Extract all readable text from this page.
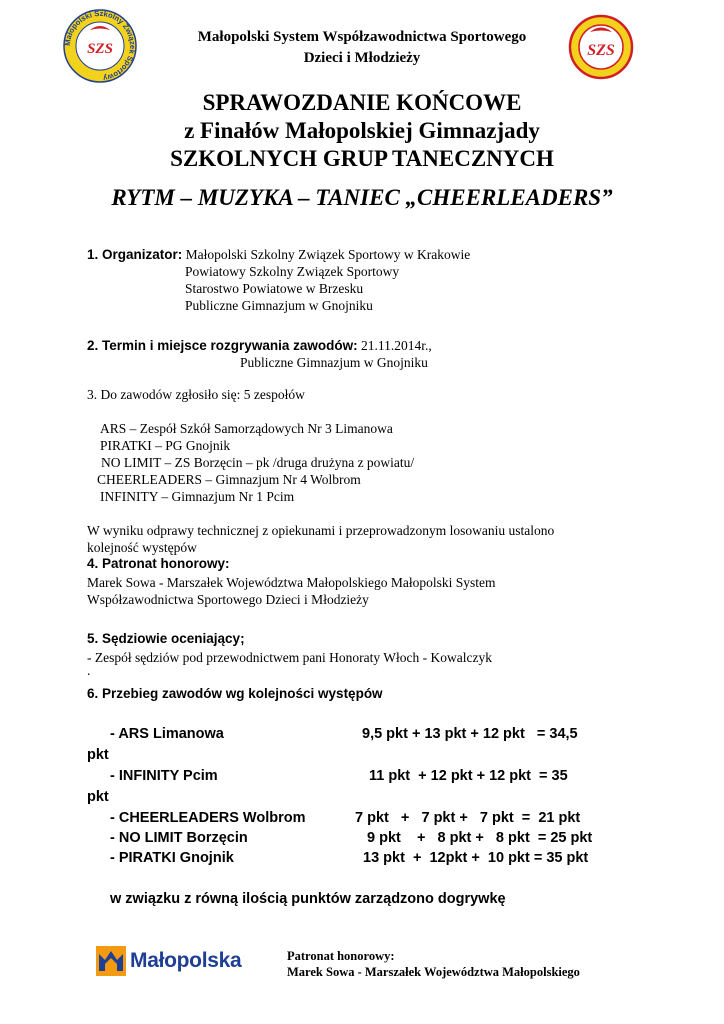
Małopolski Szkolny Związek Sportowy
SZS
Małopolski System Współzawodnictwa Sportowego
Dzieci i Młodzieży	SZS
SPRAWOZDANIE KOŃCOWE
z Finałów Małopolskiej Gimnazjady
SZKOLNYCH GRUP TANECZNYCH
RYTM – MUZYKA – TANIEC „CHEERLEADERS”
1. Organizator: Małopolski Szkolny Związek Sportowy w Krakowie
Powiatowy Szkolny Związek Sportowy
Starostwo Powiatowe w Brzesku
Publiczne Gimnazjum w Gnojniku
2. Termin i miejsce rozgrywania zawodów: 21.11.2014r.,
Publiczne Gimnazjum w Gnojniku
3. Do zawodów zgłosiło się: 5 zespołów
ARS – Zespół Szkół Samorządowych Nr 3 Limanowa
PIRATKI – PG Gnojnik
NO LIMIT – ZS Borzęcin – pk /druga drużyna z powiatu/
CHEERLEADERS – Gimnazjum Nr 4 Wolbrom
INFINITY – Gimnazjum Nr 1 Pcim
W wyniku odprawy technicznej z opiekunami i przeprowadzonym losowaniu ustalono
kolejność występów
4. Patronat honorowy:
Marek Sowa - Marszałek Województwa Małopolskiego Małopolski System
Współzawodnictwa Sportowego Dzieci i Młodzieży
5. Sędziowie oceniający;
- Zespół sędziów pod przewodnictwem pani Honoraty Włoch - Kowalczyk
.
6. Przebieg zawodów wg kolejności występów
- ARS Limanowa	9,5 pkt + 13 pkt + 12 pkt   = 34,5
pkt
- INFINITY Pcim	11 pkt  + 12 pkt + 12 pkt  = 35
pkt
- CHEERLEADERS Wolbrom	7 pkt   +   7 pkt +   7 pkt  =  21 pkt
- NO LIMIT Borzęcin	9 pkt    +   8 pkt +   8 pkt  = 25 pkt
- PIRATKI Gnojnik	13 pkt  +  12pkt +  10 pkt = 35 pkt
w związku z równą ilością punktów zarządzono dogrywkę
Małopolska	Patronat honorowy:
Marek Sowa - Marszałek Województwa Małopolskiego
